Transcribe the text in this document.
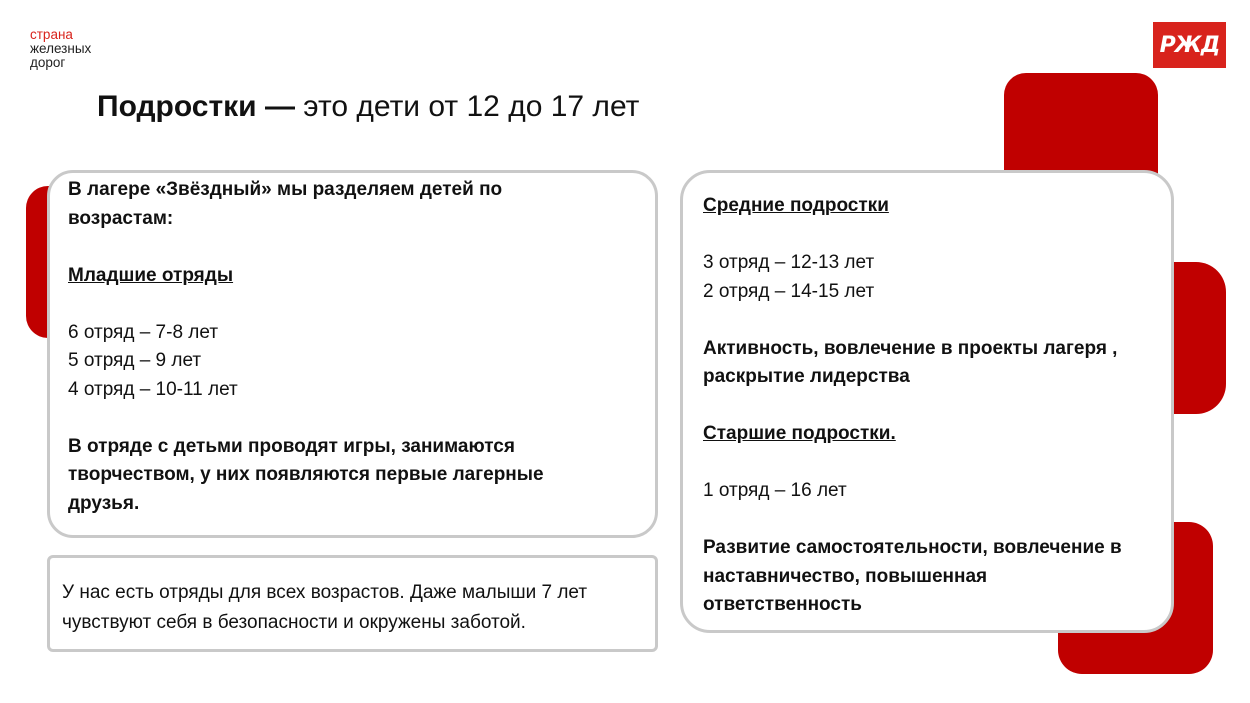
страна
железных
дорог
РЖД
Подростки — это дети от 12 до 17 лет

В лагере «Звёздный» мы разделяем детей по

возрастам:

Младшие отряды

6 отряд – 7-8 лет

5 отряд – 9 лет

4 отряд – 10-11 лет

В отряде с детьми проводят игры, занимаются

творчеством, у них появляются первые лагерные

друзья.

У нас есть отряды для всех возрастов. Даже малыши 7 лет

чувствуют себя в безопасности и окружены заботой.

Средние подростки

3 отряд – 12-13 лет

2 отряд – 14-15 лет

Активность, вовлечение в проекты лагеря ,

раскрытие лидерства

Старшие подростки.

1 отряд – 16 лет

Развитие самостоятельности, вовлечение в

наставничество, повышенная

ответственность
